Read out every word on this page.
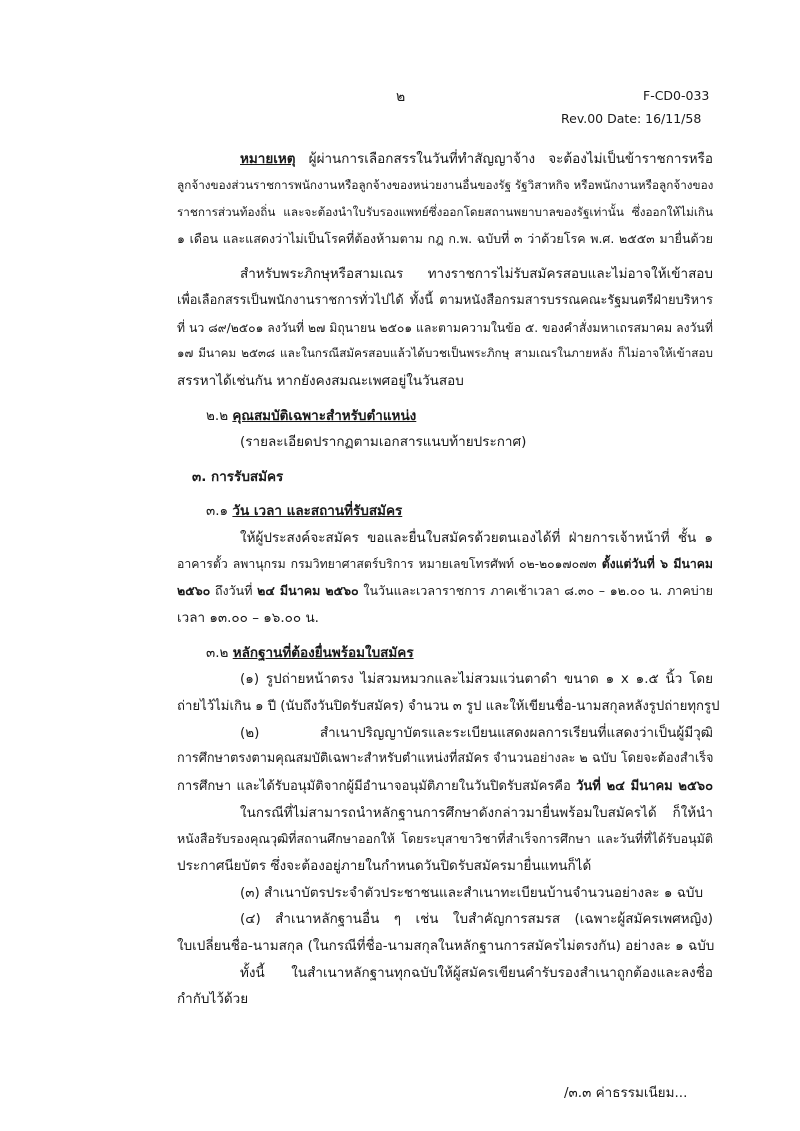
๒	F-CD0-033
Rev.00 Date: 16/11/58
หมายเหตุ ผู้ผ่านการเลือกสรรในวันที่ทำสัญญาจ้าง จะต้องไม่เป็นข้าราชการหรือ
ลูกจ้างของส่วนราชการพนักงานหรือลูกจ้างของหน่วยงานอื่นของรัฐ รัฐวิสาหกิจ หรือพนักงานหรือลูกจ้างของ
ราชการส่วนท้องถิ่น และจะต้องนำใบรับรองแพทย์ซึ่งออกโดยสถานพยาบาลของรัฐเท่านั้น ซึ่งออกให้ไม่เกิน
๑ เดือน และแสดงว่าไม่เป็นโรคที่ต้องห้ามตาม กฎ ก.พ. ฉบับที่ ๓ ว่าด้วยโรค พ.ศ. ๒๕๕๓ มายื่นด้วย
สำหรับพระภิกษุหรือสามเณร ทางราชการไม่รับสมัครสอบและไม่อาจให้เข้าสอบ
เพื่อเลือกสรรเป็นพนักงานราชการทั่วไปได้ ทั้งนี้ ตามหนังสือกรมสารบรรณคณะรัฐมนตรีฝ่ายบริหาร
ที่ นว ๘๙/๒๕๐๑ ลงวันที่ ๒๗ มิถุนายน ๒๕๐๑ และตามความในข้อ ๕. ของคำสั่งมหาเถรสมาคม ลงวันที่
๑๗ มีนาคม ๒๕๓๘ และในกรณีสมัครสอบแล้วได้บวชเป็นพระภิกษุ สามเณรในภายหลัง ก็ไม่อาจให้เข้าสอบ
สรรหาได้เช่นกัน หากยังคงสมณะเพศอยู่ในวันสอบ
๒.๒ คุณสมบัติเฉพาะสำหรับตำแหน่ง
(รายละเอียดปรากฏตามเอกสารแนบท้ายประกาศ)
๓. การรับสมัคร
๓.๑ วัน เวลา และสถานที่รับสมัคร
ให้ผู้ประสงค์จะสมัคร ขอและยื่นใบสมัครด้วยตนเองได้ที่ ฝ่ายการเจ้าหน้าที่ ชั้น ๑
อาคารตั้ว ลพานุกรม กรมวิทยาศาสตร์บริการ หมายเลขโทรศัพท์ ๐๒-๒๐๑๗๐๗๓ ตั้งแต่วันที่ ๖ มีนาคม
๒๕๖๐ ถึงวันที่ ๒๔ มีนาคม ๒๕๖๐ ในวันและเวลาราชการ ภาคเช้าเวลา ๘.๓๐ – ๑๒.๐๐ น. ภาคบ่าย
เวลา ๑๓.๐๐ – ๑๖.๐๐ น.
๓.๒ หลักฐานที่ต้องยื่นพร้อมใบสมัคร
(๑) รูปถ่ายหน้าตรง ไม่สวมหมวกและไม่สวมแว่นตาดำ ขนาด ๑ x ๑.๕ นิ้ว โดย
ถ่ายไว้ไม่เกิน ๑ ปี (นับถึงวันปิดรับสมัคร) จำนวน ๓ รูป และให้เขียนชื่อ-นามสกุลหลังรูปถ่ายทุกรูป
(๒) สำเนาปริญญาบัตรและระเบียนแสดงผลการเรียนที่แสดงว่าเป็นผู้มีวุฒิ
การศึกษาตรงตามคุณสมบัติเฉพาะสำหรับตำแหน่งที่สมัคร จำนวนอย่างละ ๒ ฉบับ โดยจะต้องสำเร็จ
การศึกษา และได้รับอนุมัติจากผู้มีอำนาจอนุมัติภายในวันปิดรับสมัครคือ วันที่ ๒๔ มีนาคม ๒๕๖๐
ในกรณีที่ไม่สามารถนำหลักฐานการศึกษาดังกล่าวมายื่นพร้อมใบสมัครได้ ก็ให้นำ
หนังสือรับรองคุณวุฒิที่สถานศึกษาออกให้ โดยระบุสาขาวิชาที่สำเร็จการศึกษา และวันที่ที่ได้รับอนุมัติ
ประกาศนียบัตร ซึ่งจะต้องอยู่ภายในกำหนดวันปิดรับสมัครมายื่นแทนก็ได้
(๓) สำเนาบัตรประจำตัวประชาชนและสำเนาทะเบียนบ้านจำนวนอย่างละ ๑ ฉบับ
(๔) สำเนาหลักฐานอื่น ๆ เช่น ใบสำคัญการสมรส (เฉพาะผู้สมัครเพศหญิง)
ใบเปลี่ยนชื่อ-นามสกุล (ในกรณีที่ชื่อ-นามสกุลในหลักฐานการสมัครไม่ตรงกัน) อย่างละ ๑ ฉบับ
ทั้งนี้ ในสำเนาหลักฐานทุกฉบับให้ผู้สมัครเขียนคำรับรองสำเนาถูกต้องและลงชื่อ
กำกับไว้ด้วย
/๓.๓ ค่าธรรมเนียม...
